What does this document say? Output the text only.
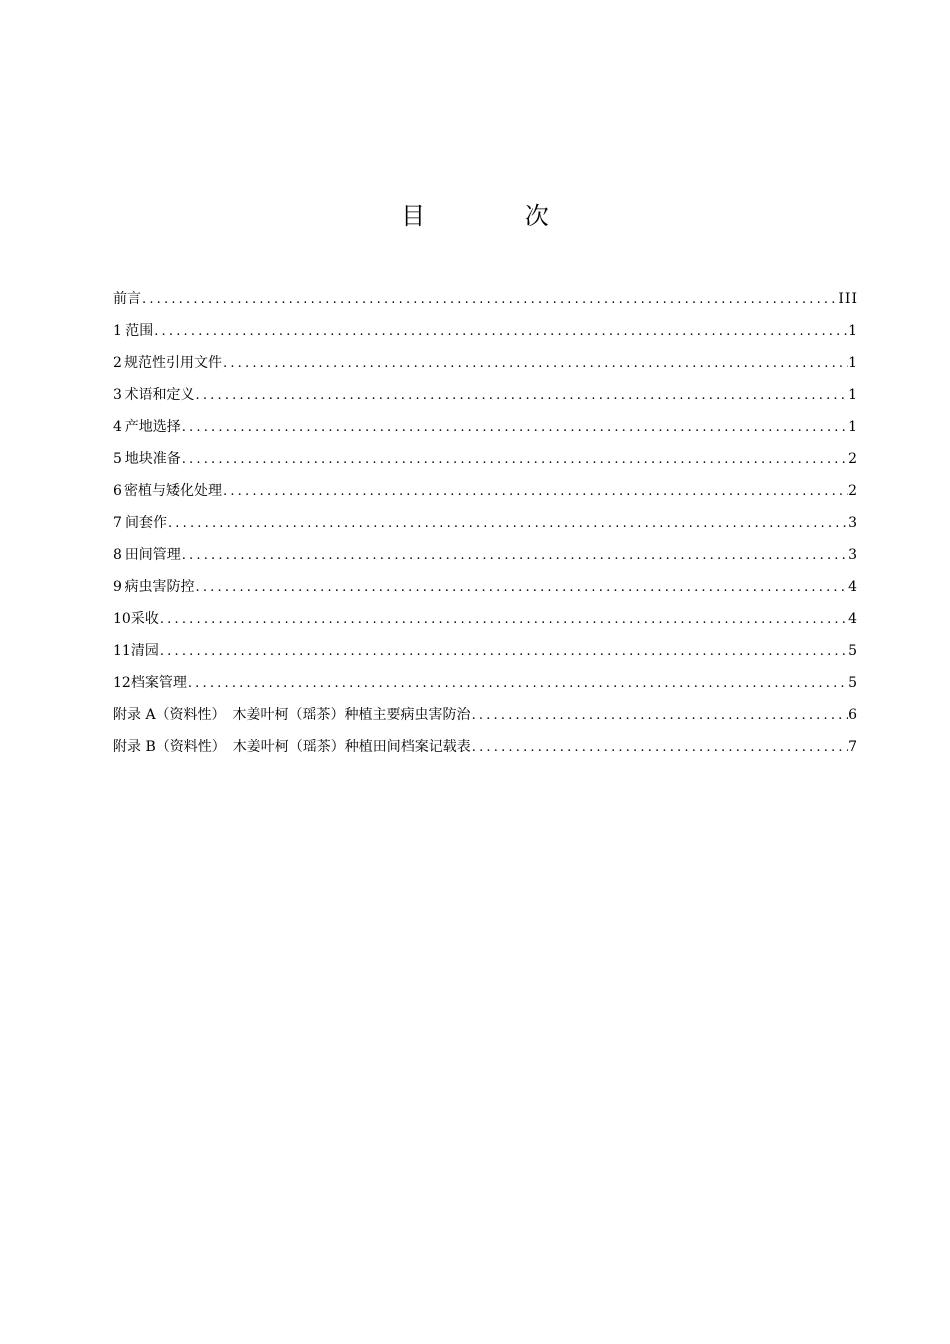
目 次
前言 .....	III
1 范围 .....	1
2 规范性引用文件 .....	1
3 术语和定义 .....	1
4 产地选择 .....	1
5 地块准备 .....	2
6 密植与矮化处理 .....	2
7 间套作 .....	3
8 田间管理 .....	3
9 病虫害防控 .....	4
10 采收 .....	4
11 清园 .....	5
12 档案管理 .....	5
附录 A（资料性）　木姜叶柯（瑶茶）种植主要病虫害防治 .....	6
附录 B（资料性）　木姜叶柯（瑶茶）种植田间档案记载表 .....	7
